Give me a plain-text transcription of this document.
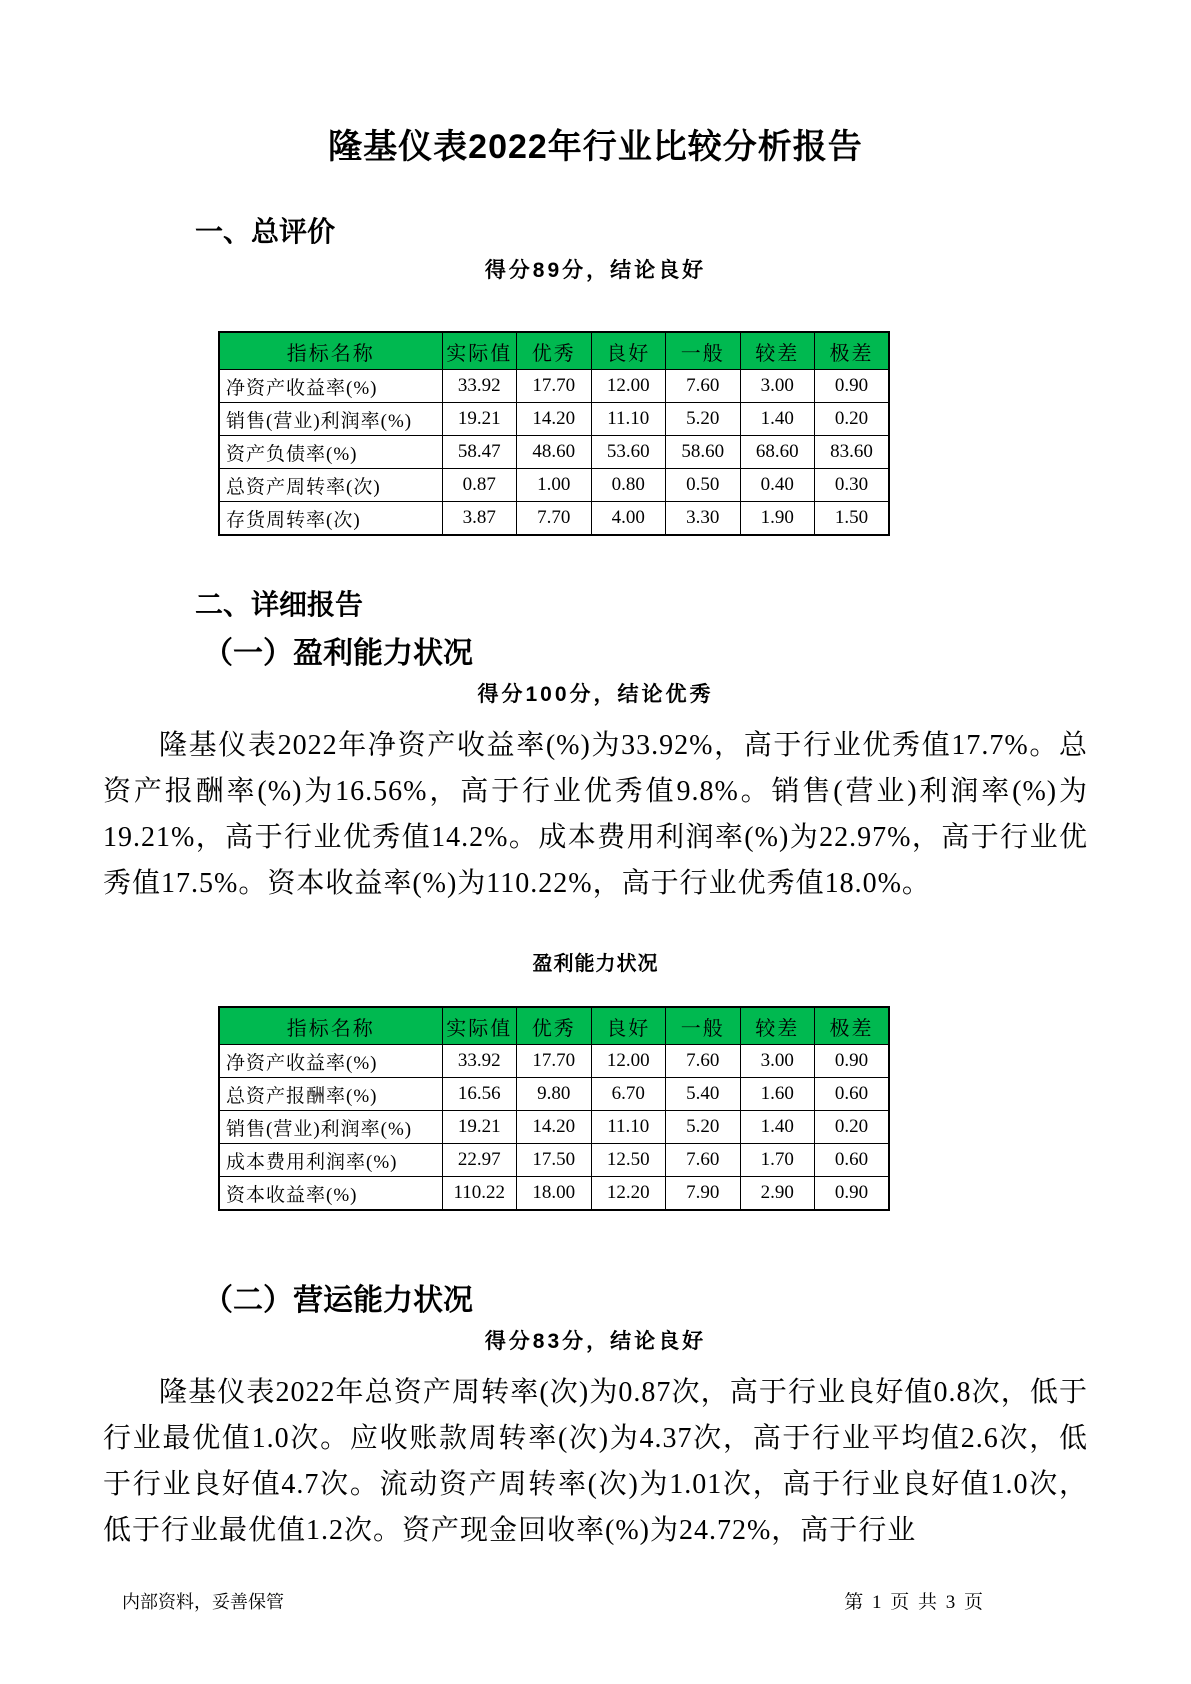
隆基仪表2022年行业比较分析报告
一、总评价
得分89分，结论良好
指标名称	实际值	优秀	良好	一般	较差	极差
净资产收益率(%)	33.92	17.70	12.00	7.60	3.00	0.90
销售(营业)利润率(%)	19.21	14.20	11.10	5.20	1.40	0.20
资产负债率(%)	58.47	48.60	53.60	58.60	68.60	83.60
总资产周转率(次)	0.87	1.00	0.80	0.50	0.40	0.30
存货周转率(次)	3.87	7.70	4.00	3.30	1.90	1.50
二、详细报告
（一）盈利能力状况
得分100分，结论优秀

隆基仪表2022年净资产收益率(%)为33.92%，高于行业优秀值17.7%。总资产报酬率(%)为16.56%，高于行业优秀值9.8%。销售(营业)利润率(%)为19.21%，高于行业优秀值14.2%。成本费用利润率(%)为22.97%，高于行业优秀值17.5%。资本收益率(%)为110.22%，高于行业优秀值18.0%。

盈利能力状况
指标名称	实际值	优秀	良好	一般	较差	极差
净资产收益率(%)	33.92	17.70	12.00	7.60	3.00	0.90
总资产报酬率(%)	16.56	9.80	6.70	5.40	1.60	0.60
销售(营业)利润率(%)	19.21	14.20	11.10	5.20	1.40	0.20
成本费用利润率(%)	22.97	17.50	12.50	7.60	1.70	0.60
资本收益率(%)	110.22	18.00	12.20	7.90	2.90	0.90
（二）营运能力状况
得分83分，结论良好

隆基仪表2022年总资产周转率(次)为0.87次，高于行业良好值0.8次，低于行业最优值1.0次。应收账款周转率(次)为4.37次，高于行业平均值2.6次，低于行业良好值4.7次。流动资产周转率(次)为1.01次，高于行业良好值1.0次，低于行业最优值1.2次。资产现金回收率(%)为24.72%，高于行业

内部资料，妥善保管	第 1 页 共 3 页
